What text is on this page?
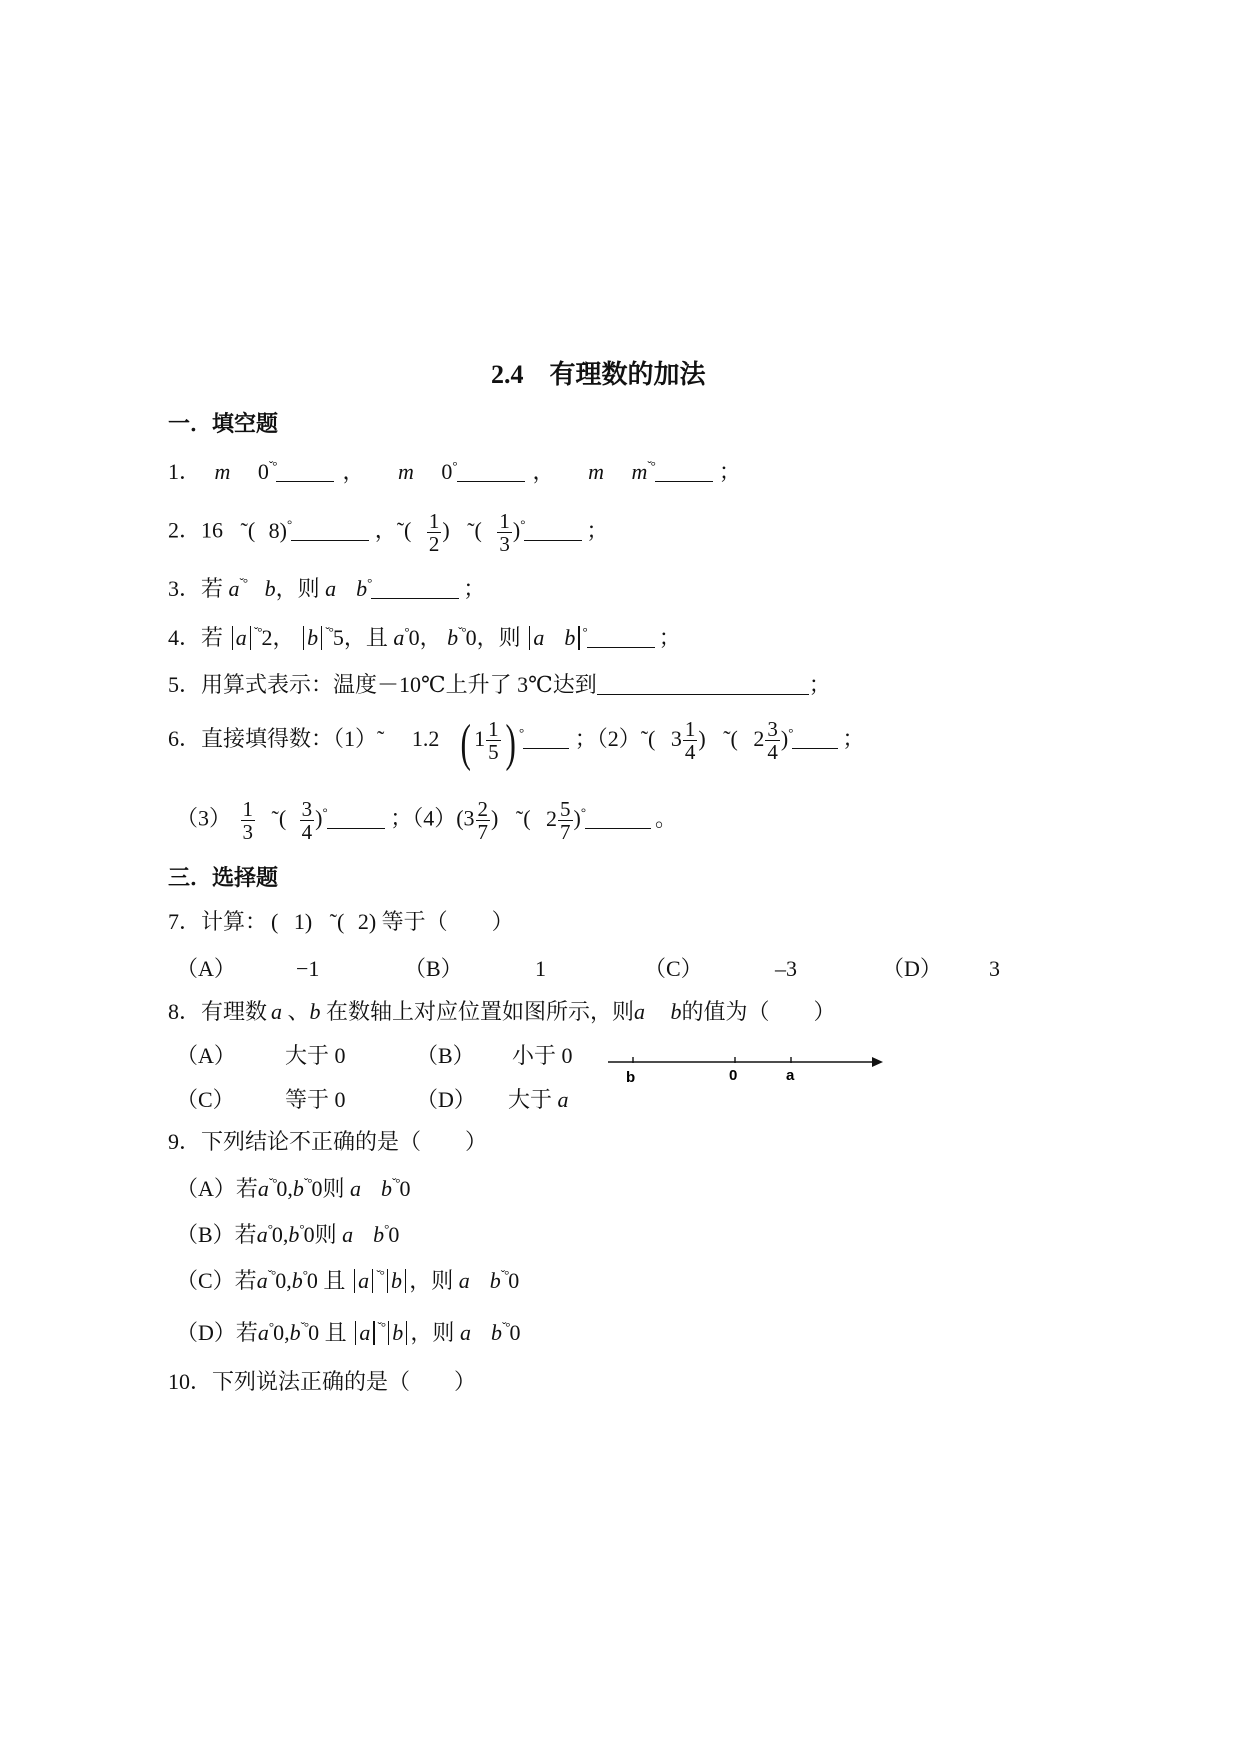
2.4　有理数的加法
一．填空题
1． m $0^{ˇ^\circ}$	， m 0°	， m $m^{ˇ^\circ}$	；
2．16 ˜( 8)°	，˜( $\frac{1}{2}$ ) ˜( $\frac{1}{3} )^\circ$	；
3．若 $a^{ˇ^\circ}$ b，则 a b°	；
4．若 a $^{ˇ^\circ}$2， b $^{ˇ^\circ}$5，且 a°0， $b^{ˇ^\circ}0$，则 a b °	；
5．用算式表示：温度－10℃上升了 3℃达到	；
6．直接填得数：（1）˜ 1.2 ( $1 \frac{1}{5}$ ) ° ；（2）˜( $3 \frac{1}{4}$ ) ˜( $2 \frac{3}{4} )^\circ$ ；
$(3) \frac{1}{3}$ ˜( $\frac{3}{4} )^\circ$	；$(4)(3 \frac{2}{7}$ ) ˜( $2 \frac{5}{7} )^\circ$	。
三．选择题
7．计算： ( 1) ˜( 2) 等于（　　）
（A）	−1	（B）	1	（C）	–3	（D） 3
8．有理数 a 、b 在数轴上对应位置如图所示，则a b的值为（　　）
（A） 大于 0	（B） 小于 0
（C） 等于 0	（D） 大于 a
b	0	a
9．下列结论不正确的是（　　）
（A）若$a^{ˇ^\circ}0,b^{ˇ^\circ}0$则 a $b^{ˇ^\circ}0$
（B）若a°0,b°0则 a b°0
（C）若$a^{ˇ^\circ}0,b^\circ 0$ 且 a $^{ˇ^\circ}$ b ，则 a $b^{ˇ^\circ}0$
（D）若$a^\circ 0,b^{ˇ^\circ}0$ 且 a $^{ˇ^\circ}$ b ，则 a $b^{ˇ^\circ}0$
10．下列说法正确的是（　　）
